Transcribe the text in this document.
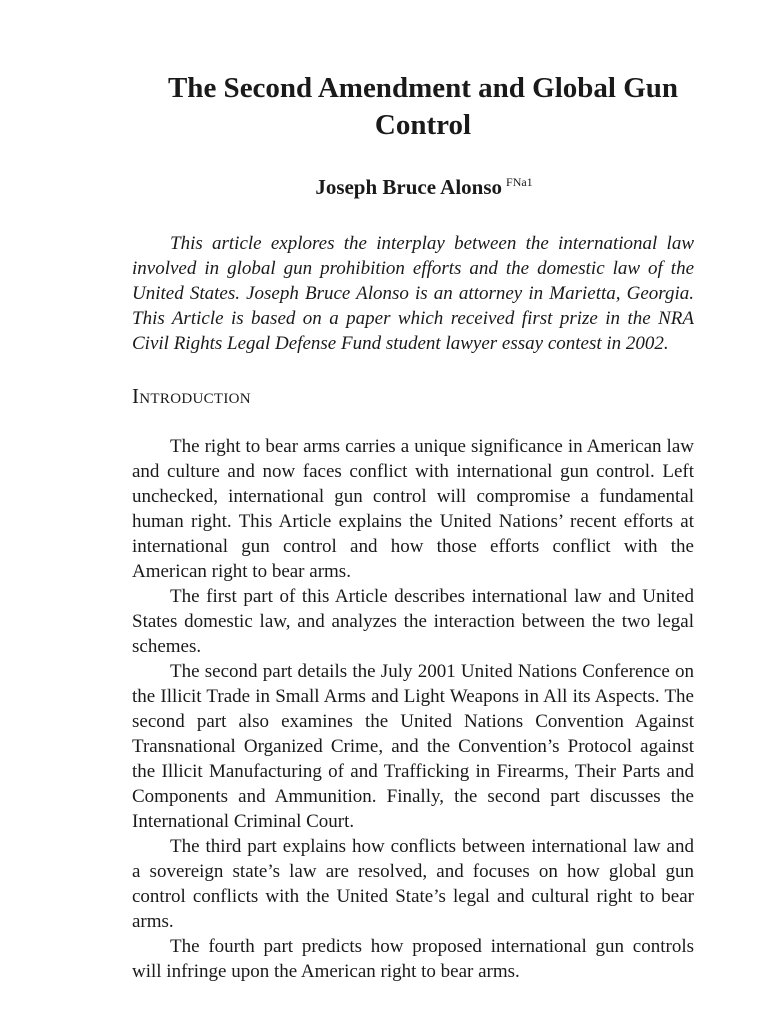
The Second Amendment and Global Gun Control
Joseph Bruce Alonso $^{FNa1}$

This article explores the interplay between the international law involved in global gun prohibition efforts and the domestic law of the United States. Joseph Bruce Alonso is an attorney in Marietta, Georgia. This Article is based on a paper which received first prize in the NRA Civil Rights Legal Defense Fund student lawyer essay contest in 2002.

Introduction

The right to bear arms carries a unique significance in American law and culture and now faces conflict with international gun control. Left unchecked, international gun control will compromise a fundamental human right. This Article explains the United Nations’ recent efforts at international gun control and how those efforts conflict with the American right to bear arms.

The first part of this Article describes international law and United States domestic law, and analyzes the interaction between the two legal schemes.

The second part details the July 2001 United Nations Conference on the Illicit Trade in Small Arms and Light Weapons in All its Aspects. The second part also examines the United Nations Convention Against Transnational Organized Crime, and the Convention’s Protocol against the Illicit Manufacturing of and Trafficking in Firearms, Their Parts and Components and Ammunition. Finally, the second part discusses the International Criminal Court.

The third part explains how conflicts between international law and a sovereign state’s law are resolved, and focuses on how global gun control conflicts with the United State’s legal and cultural right to bear arms.

The fourth part predicts how proposed international gun controls will infringe upon the American right to bear arms.
